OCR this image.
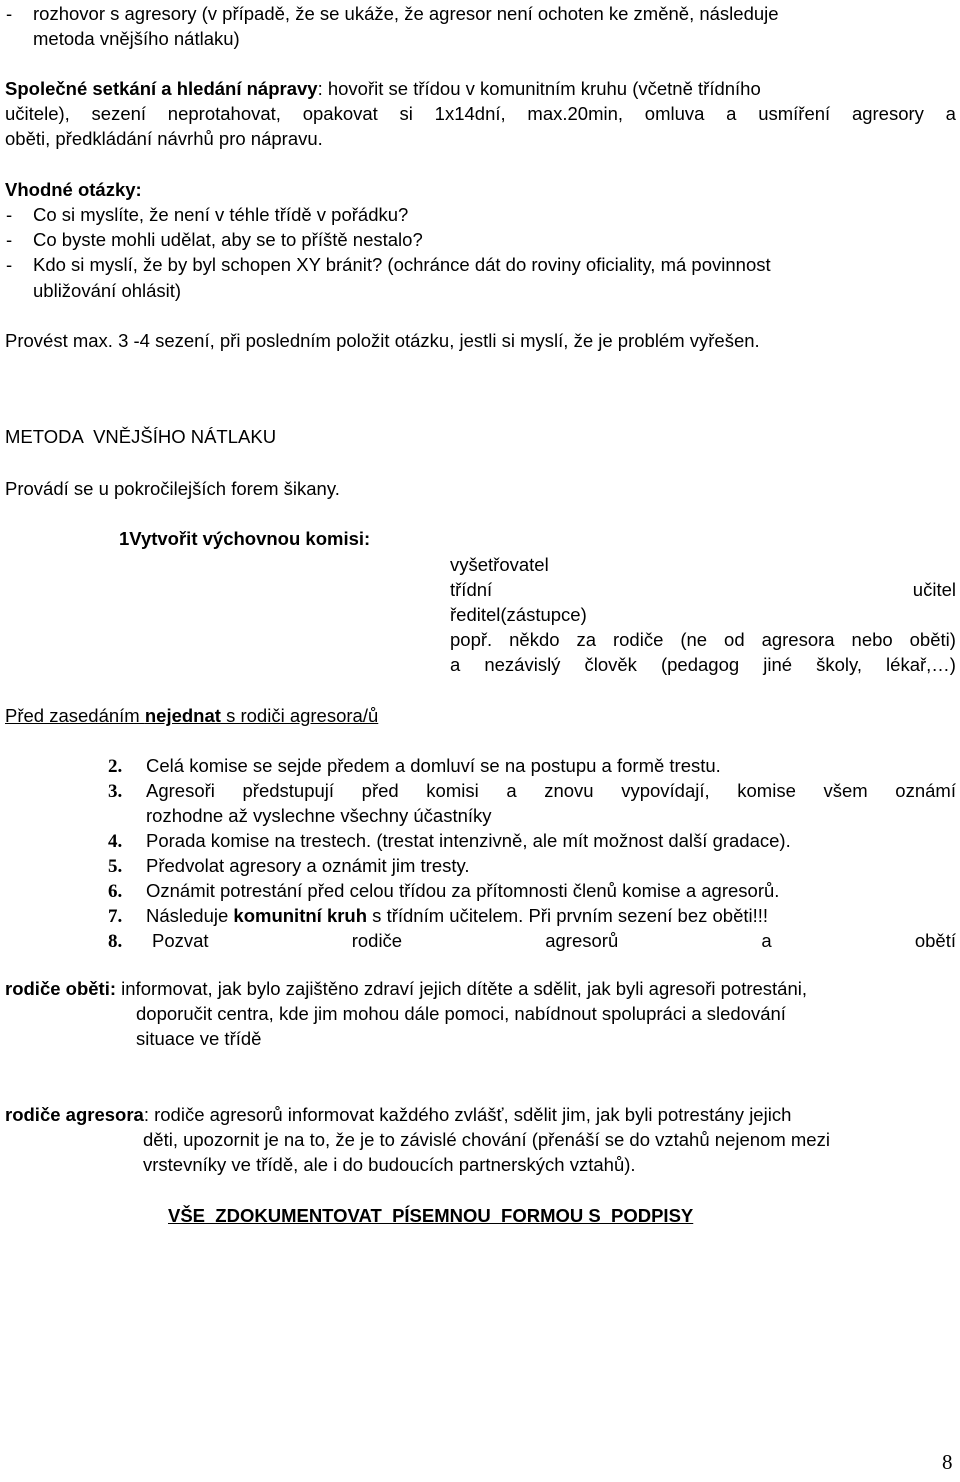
- rozhovor s agresory (v případě, že se ukáže, že agresor není ochoten ke změně, následuje
metoda vnějšího nátlaku)
Společné setkání a hledání nápravy: hovořit se třídou v komunitním kruhu (včetně třídního
učitele), sezení neprotahovat, opakovat si 1x14dní, max.20min, omluva a usmíření agresory a
oběti, předkládání návrhů pro nápravu.
Vhodné otázky:
- Co si myslíte, že není v téhle třídě v pořádku?
- Co byste mohli udělat, aby se to příště nestalo?
- Kdo si myslí, že by byl schopen XY bránit? (ochránce dát do roviny oficiality, má povinnost
ubližování ohlásit)
Provést max. 3 -4 sezení, při posledním položit otázku, jestli si myslí, že je problém vyřešen.
METODA  VNĚJŠÍHO NÁTLAKU
Provádí se u pokročilejších forem šikany.
1Vytvořit výchovnou komisi:
vyšetřovatel
třídní	učitel
ředitel(zástupce)
popř. někdo za rodiče (ne od agresora nebo oběti)
a nezávislý člověk (pedagog jiné školy, lékař,…)
Před zasedáním nejednat s rodiči agresora/ů
2. Celá komise se sejde předem a domluví se na postupu a formě trestu.
3. Agresoři předstupují před komisi a znovu vypovídají, komise všem oznámí
rozhodne až vyslechne všechny účastníky
4. Porada komise na trestech. (trestat intenzivně, ale mít možnost další gradace).
5. Předvolat agresory a oznámit jim tresty.
6. Oznámit potrestání před celou třídou za přítomnosti členů komise a agresorů.
7. Následuje komunitní kruh s třídním učitelem. Při prvním sezení bez oběti!!!
8. Pozvat	rodiče	agresorů	a	obětí
rodiče oběti: informovat, jak bylo zajištěno zdraví jejich dítěte a sdělit, jak byli agresoři potrestáni,
doporučit centra, kde jim mohou dále pomoci, nabídnout spolupráci a sledování
situace ve třídě
rodiče agresora: rodiče agresorů informovat každého zvlášť, sdělit jim, jak byli potrestány jejich
děti, upozornit je na to, že je to závislé chování (přenáší se do vztahů nejenom mezi
vrstevníky ve třídě, ale i do budoucích partnerských vztahů).
VŠE  ZDOKUMENTOVAT  PÍSEMNOU  FORMOU S  PODPISY
8
